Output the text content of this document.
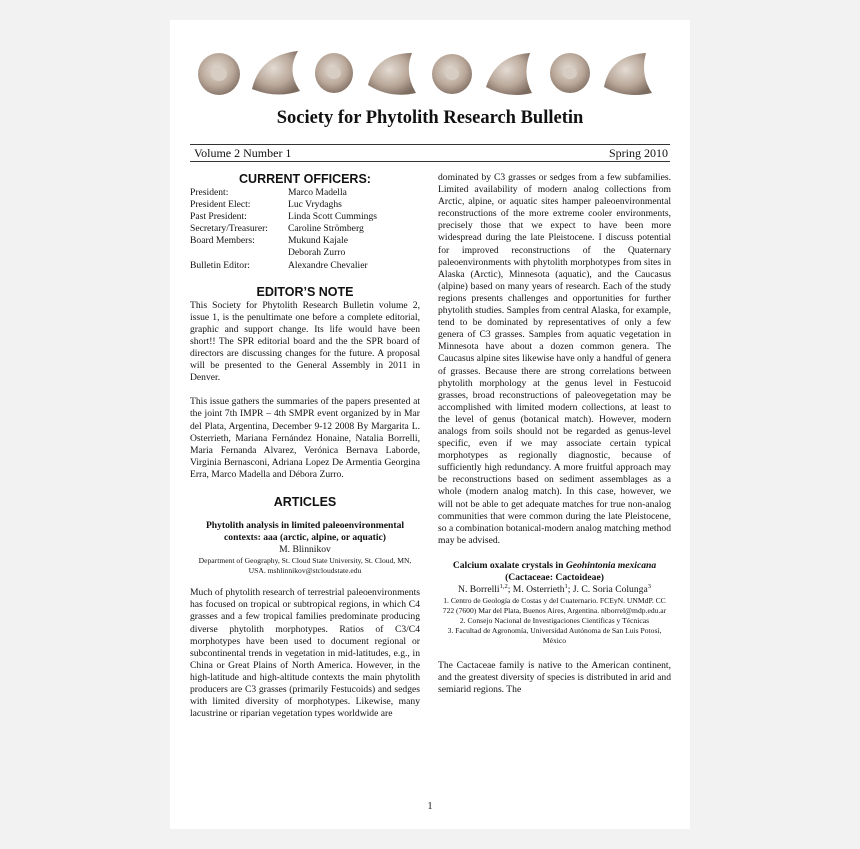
Society for Phytolith Research Bulletin
Volume 2 Number 1	Spring 2010

CURRENT OFFICERS:

President:	Marco Madella
President Elect:	Luc Vrydaghs
Past President:	Linda Scott Cummings
Secretary/Treasurer:	Caroline Strömberg
Board Members:	Mukund Kajale
Deborah Zurro
Bulletin Editor:	Alexandre Chevalier

EDITOR’S NOTE

This Society for Phytolith Research Bulletin volume 2, issue 1, is the penultimate one before a complete editorial, graphic and support change. Its life would have been short!! The SPR editorial board and the the SPR board of directors are discussing changes for the future. A proposal will be presented to the General Assembly in 2011 in Denver.

This issue gathers the summaries of the papers presented at the joint 7th IMPR – 4th SMPR event organized by in Mar del Plata, Argentina, December 9-12 2008 By Margarita L. Osterrieth, Mariana Fernández Honaine, Natalia Borrelli, Maria Fernanda Alvarez, Verónica Bernava Laborde, Virginia Bernasconi, Adriana Lopez De Armentia Georgina Erra, Marco Madella and Débora Zurro.

ARTICLES

Phytolith analysis in limited paleoenvironmental contexts: aaa (arctic, alpine, or aquatic)

M. Blinnikov

Department of Geography, St. Cloud State University, St. Cloud, MN, USA. mshlinnikov@stcloudstate.edu

Much of phytolith research of terrestrial paleoenvironments has focused on tropical or subtropical regions, in which C4 grasses and a few tropical families predominate producing diverse phytolith morphotypes. Ratios of C3/C4 morphotypes have been used to document regional or subcontinental trends in vegetation in mid-latitudes, e.g., in China or Great Plains of North America. However, in the high-latitude and high-altitude contexts the main phytolith producers are C3 grasses (primarily Festucoids) and sedges with limited diversity of morphotypes. Likewise, many lacustrine or riparian vegetation types worldwide are

dominated by C3 grasses or sedges from a few subfamilies. Limited availability of modern analog collections from Arctic, alpine, or aquatic sites hamper paleoenvironmental reconstructions of the more extreme cooler environments, precisely those that we expect to have been more widespread during the late Pleistocene. I discuss potential for improved reconstructions of the Quaternary paleoenvironments with phytolith morphotypes from sites in Alaska (Arctic), Minnesota (aquatic), and the Caucasus (alpine) based on many years of research. Each of the study regions presents challenges and opportunities for further phytolith studies. Samples from central Alaska, for example, tend to be dominated by representatives of only a few genera of C3 grasses. Samples from aquatic vegetation in Minnesota have about a dozen common genera. The Caucasus alpine sites likewise have only a handful of genera of grasses. Because there are strong correlations between phytolith morphology at the genus level in Festucoid grasses, broad reconstructions of paleovegetation may be accomplished with limited modern collections, at least to the level of genus (botanical match). However, modern analogs from soils should not be regarded as genus-level specific, even if we may associate certain typical morphotypes as regionally diagnostic, because of sufficiently high redundancy. A more fruitful approach may be reconstructions based on sediment assemblages as a whole (modern analog match). In this case, however, we will not be able to get adequate matches for true non-analog communities that were common during the late Pleistocene, so a combination botanical-modern analog matching method may be advised.

Calcium oxalate crystals in Geohintonia mexicana (Cactaceae: Cactoideae)

N. Borrelli$^{1,2}$; M. Osterrieth$^1$; J. C. Soria Colunga$^3$

1. Centro de Geología de Costas y del Cuaternario. FCEyN. UNMdP. CC 722 (7600) Mar del Plata, Buenos Aires, Argentina. nlborrel@mdp.edu.ar

2. Consejo Nacional de Investigaciones Científicas y Técnicas

3. Facultad de Agronomía, Universidad Autónoma de San Luis Potosí, México

The Cactaceae family is native to the American continent, and the greatest diversity of species is distributed in arid and semiarid regions. The

1
